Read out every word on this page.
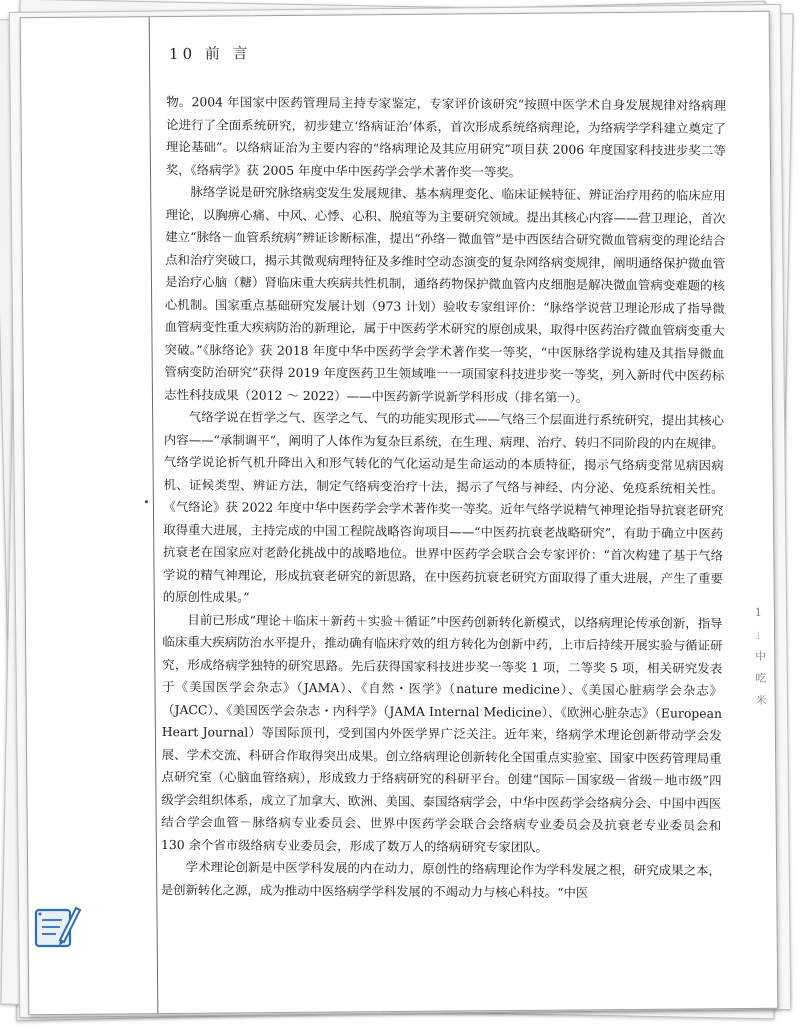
10 前 言

物。2004 年国家中医药管理局主持专家鉴定，专家评价该研究“按照中医学术自身发展规律对络病理论进行了全面系统研究，初步建立‘络病证治’体系，首次形成系统络病理论，为络病学学科建立奠定了理论基础”。以络病证治为主要内容的“络病理论及其应用研究”项目获 2006 年度国家科技进步奖二等奖，《络病学》获 2005 年度中华中医药学会学术著作奖一等奖。

脉络学说是研究脉络病变发生发展规律、基本病理变化、临床证候特征、辨证治疗用药的临床应用理论，以胸痹心痛、中风、心悸、心积、脱疽等为主要研究领域。提出其核心内容——营卫理论，首次建立“脉络－血管系统病”辨证诊断标准，提出“孙络－微血管”是中西医结合研究微血管病变的理论结合点和治疗突破口，揭示其微观病理特征及多维时空动态演变的复杂网络病变规律，阐明通络保护微血管是治疗心脑（糖）肾临床重大疾病共性机制，通络药物保护微血管内皮细胞是解决微血管病变难题的核心机制。国家重点基础研究发展计划（973 计划）验收专家组评价：“脉络学说营卫理论形成了指导微血管病变性重大疾病防治的新理论，属于中医药学术研究的原创成果，取得中医药治疗微血管病变重大突破。”《脉络论》获 2018 年度中华中医药学会学术著作奖一等奖，“中医脉络学说构建及其指导微血管病变防治研究”获得 2019 年度医药卫生领域唯一一项国家科技进步奖一等奖，列入新时代中医药标志性科技成果（2012 ～ 2022）——中医药新学说新学科形成（排名第一）。

气络学说在哲学之气、医学之气、气的功能实现形式——气络三个层面进行系统研究，提出其核心内容——“承制调平”，阐明了人体作为复杂巨系统，在生理、病理、治疗、转归不同阶段的内在规律。气络学说论析气机升降出入和形气转化的气化运动是生命运动的本质特征，揭示气络病变常见病因病机、证候类型、辨证方法，制定气络病变治疗十法，揭示了气络与神经、内分泌、免疫系统相关性。《气络论》获 2022 年度中华中医药学会学术著作奖一等奖。近年气络学说精气神理论指导抗衰老研究取得重大进展，主持完成的中国工程院战略咨询项目——“中医药抗衰老战略研究”，有助于确立中医药抗衰老在国家应对老龄化挑战中的战略地位。世界中医药学会联合会专家评价：“首次构建了基于气络学说的精气神理论，形成抗衰老研究的新思路，在中医药抗衰老研究方面取得了重大进展，产生了重要的原创性成果。”

目前已形成“理论＋临床＋新药＋实验＋循证”中医药创新转化新模式，以络病理论传承创新，指导临床重大疾病防治水平提升，推动确有临床疗效的组方转化为创新中药，上市后持续开展实验与循证研究，形成络病学独特的研究思路。先后获得国家科技进步奖一等奖 1 项，二等奖 5 项，相关研究发表于《美国医学会杂志》（JAMA）、《自然・医学》（nature medicine）、《美国心脏病学会杂志》（JACC）、《美国医学会杂志・内科学》（JAMA Internal Medicine）、《欧洲心脏杂志》（European Heart Journal）等国际顶刊，受到国内外医学界广泛关注。近年来，络病学术理论创新带动学会发展、学术交流、科研合作取得突出成果。创立络病理论创新转化全国重点实验室、国家中医药管理局重点研究室（心脑血管络病），形成致力于络病研究的科研平台。创建“国际－国家级－省级－地市级”四级学会组织体系，成立了加拿大、欧洲、美国、泰国络病学会，中华中医药学会络病分会、中国中西医结合学会血管－脉络病专业委员会、世界中医药学会联合会络病专业委员会及抗衰老专业委员会和 130 余个省市级络病专业委员会，形成了数万人的络病研究专家团队。

学术理论创新是中医学科发展的内在动力，原创性的络病理论作为学科发展之根，研究成果之本，是创新转化之源，成为推动中医络病学学科发展的不竭动力与核心科技。“中医

1
」
中
吃
米
